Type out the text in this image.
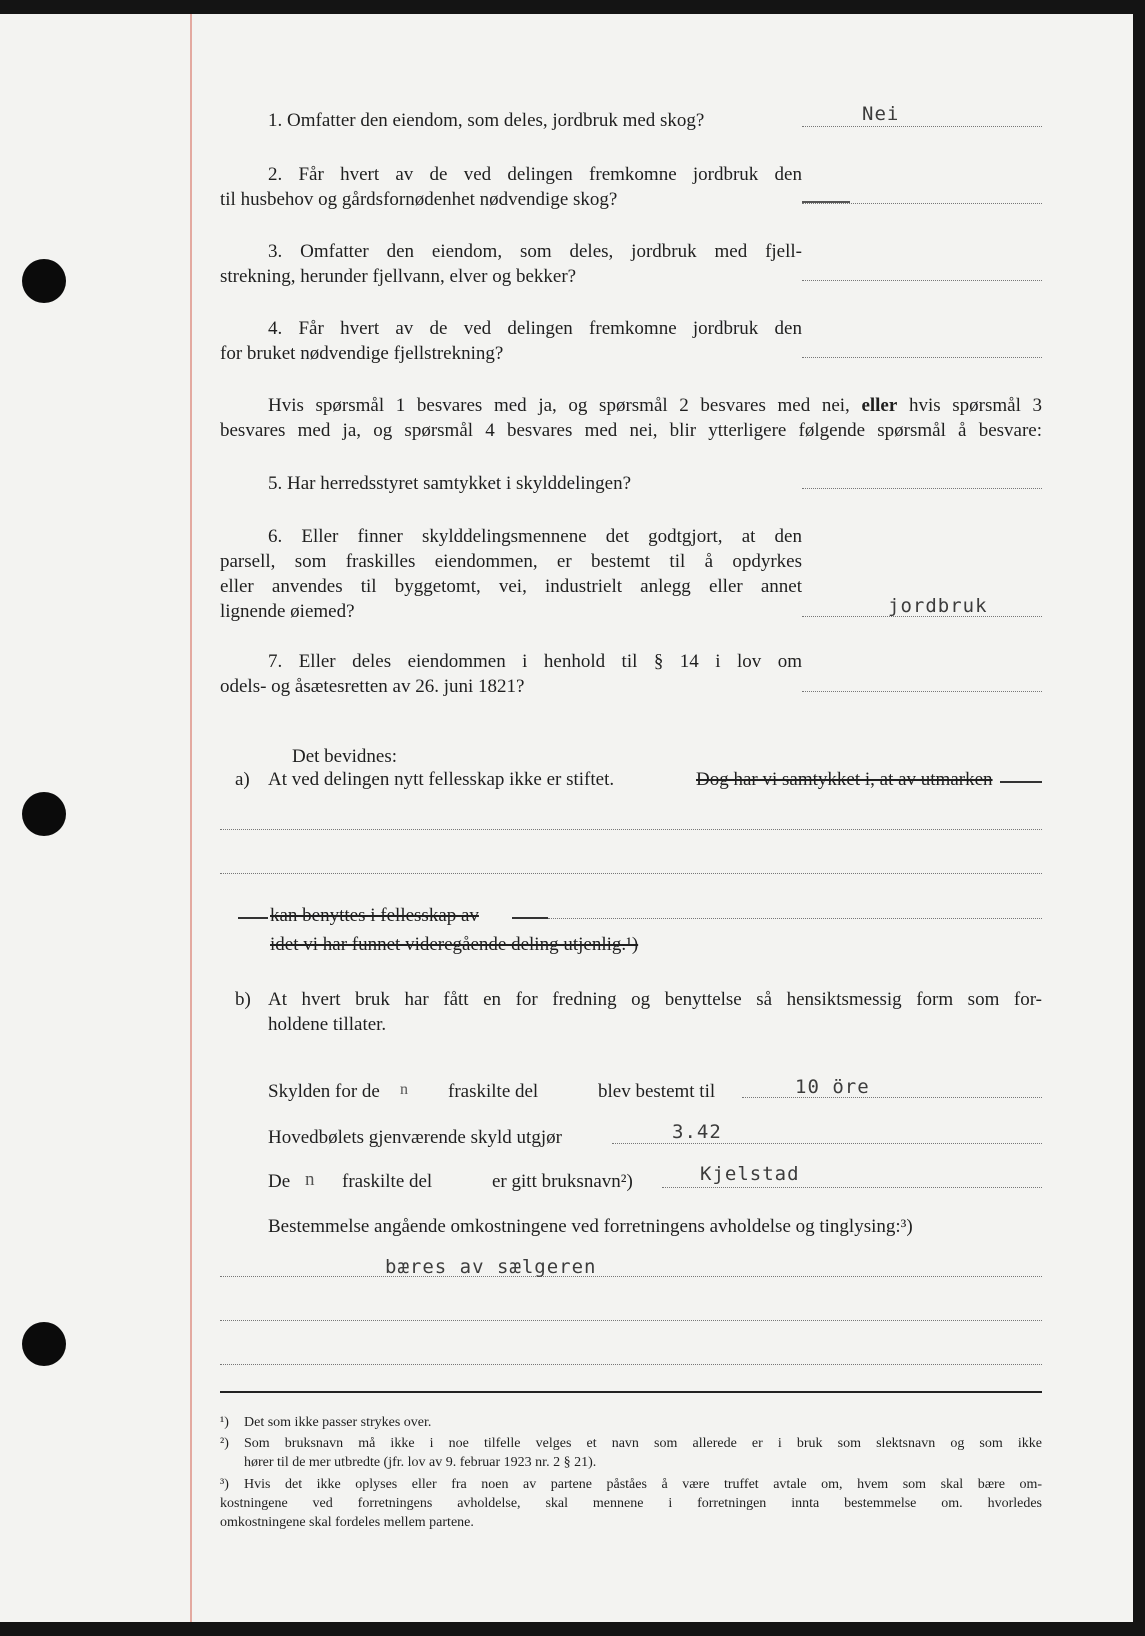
1. Omfatter den eiendom, som deles, jordbruk med skog?	Nei
2. Får hvert av de ved delingen fremkomne jordbruk den
til husbehov og gårdsfornødenhet nødvendige skog?
3. Omfatter den eiendom, som deles, jordbruk med fjell-
strekning, herunder fjellvann, elver og bekker?
4. Får hvert av de ved delingen fremkomne jordbruk den
for bruket nødvendige fjellstrekning?
Hvis spørsmål 1 besvares med ja, og spørsmål 2 besvares med nei, eller hvis spørsmål 3
besvares med ja, og spørsmål 4 besvares med nei, blir ytterligere følgende spørsmål å besvare:
5. Har herredsstyret samtykket i skylddelingen?
6. Eller finner skylddelingsmennene det godtgjort, at den
parsell, som fraskilles eiendommen, er bestemt til å opdyrkes
eller anvendes til byggetomt, vei, industrielt anlegg eller annet
lignende øiemed?	jordbruk
7. Eller deles eiendommen i henhold til § 14 i lov om
odels- og åsætesretten av 26. juni 1821?
Det bevidnes:
a) At ved delingen nytt fellesskap ikke er stiftet.	Dog har vi samtykket i, at av utmarken
kan benyttes i fellesskap av
idet vi har funnet videregående deling utjenlig.¹)
b) At hvert bruk har fått en for fredning og benyttelse så hensiktsmessig form som for-
holdene tillater.
Skylden for de n fraskilte del	blev bestemt til	10 öre
Hovedbølets gjenværende skyld utgjør	3.42
De n fraskilte del	er gitt bruksnavn²)	Kjelstad
Bestemmelse angående omkostningene ved forretningens avholdelse og tinglysing:³)
bæres av sælgeren
¹) Det som ikke passer strykes over.
²) Som bruksnavn må ikke i noe tilfelle velges et navn som allerede er i bruk som slektsnavn og som ikke
hører til de mer utbredte (jfr. lov av 9. februar 1923 nr. 2 § 21).
³) Hvis det ikke oplyses eller fra noen av partene påståes å være truffet avtale om, hvem som skal bære om-
kostningene ved forretningens avholdelse, skal mennene i forretningen innta bestemmelse om. hvorledes
omkostningene skal fordeles mellem partene.
